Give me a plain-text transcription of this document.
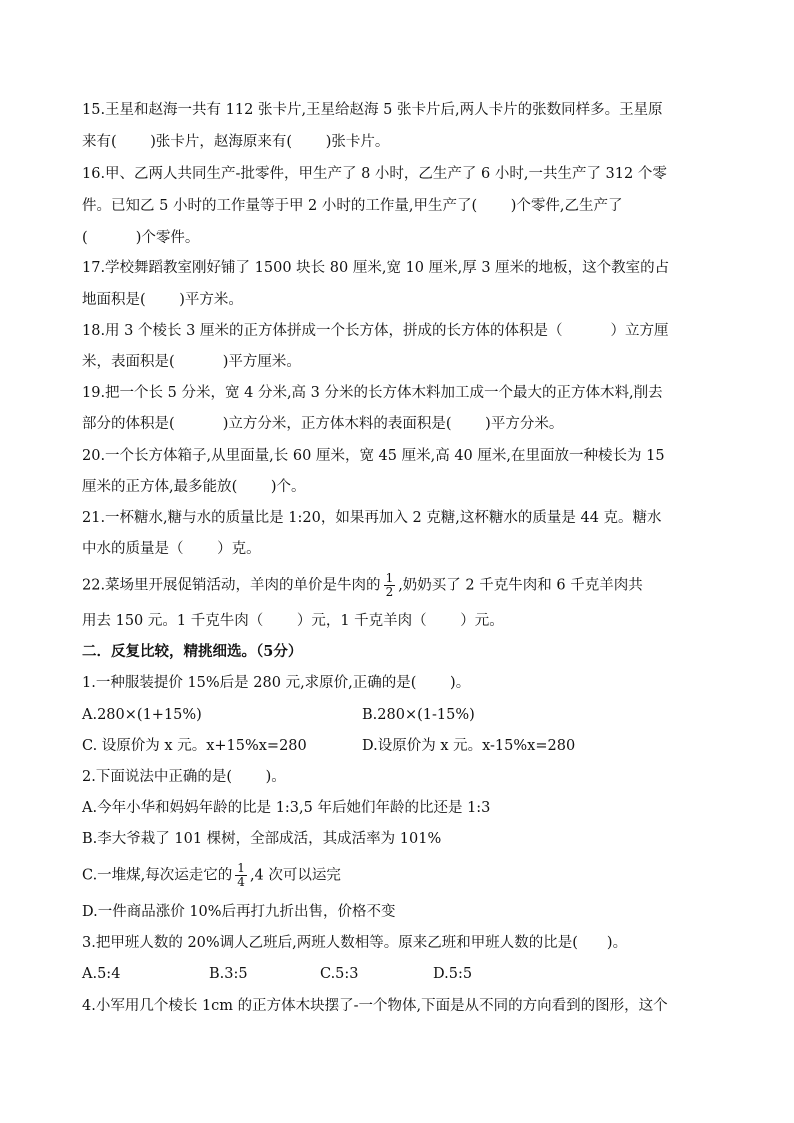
15.王星和赵海一共有 112 张卡片,王星给赵海 5 张卡片后,两人卡片的张数同样多。王星原
来有(　　 )张卡片，赵海原来有(　　 )张卡片。
16.甲、乙两人共同生产-批零件，甲生产了 8 小时，乙生产了 6 小时,一共生产了 312 个零
件。已知乙 5 小时的工作量等于甲 2 小时的工作量,甲生产了(　　 )个零件,乙生产了
(　　 　)个零件。
17.学校舞蹈教室刚好铺了 1500 块长 80 厘米,宽 10 厘米,厚 3 厘米的地板，这个教室的占
地面积是(　　 )平方米。
18.用 3 个棱长 3 厘米的正方体拼成一个长方体，拼成的长方体的体积是（　　 　）立方厘
米，表面积是(　　 　)平方厘米。
19.把一个长 5 分米，宽 4 分米,高 3 分米的长方体木料加工成一个最大的正方体木料,削去
部分的体积是(　　 　)立方分米，正方体木料的表面积是(　　 )平方分米。
20.一个长方体箱子,从里面量,长 60 厘米，宽 45 厘米,高 40 厘米,在里面放一种棱长为 15
厘米的正方体,最多能放(　　 )个。
21.一杯糖水,糖与水的质量比是 1:20，如果再加入 2 克糖,这杯糖水的质量是 44 克。糖水
中水的质量是（　　 ）克。
22.菜场里开展促销活动，羊肉的单价是牛肉的 $\frac{1}{2}$ ,奶奶买了 2 千克牛肉和 6 千克羊肉共
用去 150 元。1 千克牛肉（　　 ）元，1 千克羊肉（　　 ）元。
二．反复比较，精挑细选。（5分）
1.一种服装提价 15%后是 280 元,求原价,正确的是(　　 )。
A.280×(1+15%)	B.280×(1-15%)
C. 设原价为 x 元。x+15%x=280	D.设原价为 x 元。x-15%x=280
2.下面说法中正确的是(　　 )。
A.今年小华和妈妈年龄的比是 1:3,5 年后她们年龄的比还是 1:3
B.李大爷栽了 101 棵树，全部成活，其成活率为 101%
C.一堆煤,每次运走它的 $\frac{1}{4} ,4$ 次可以运完
D.一件商品涨价 10%后再打九折出售，价格不变
3.把甲班人数的 20%调人乙班后,两班人数相等。原来乙班和甲班人数的比是(　　)。
A.5:4	B.3:5	C.5:3	D.5:5
4.小军用几个棱长 1cm 的正方体木块摆了-一个物体,下面是从不同的方向看到的图形，这个
